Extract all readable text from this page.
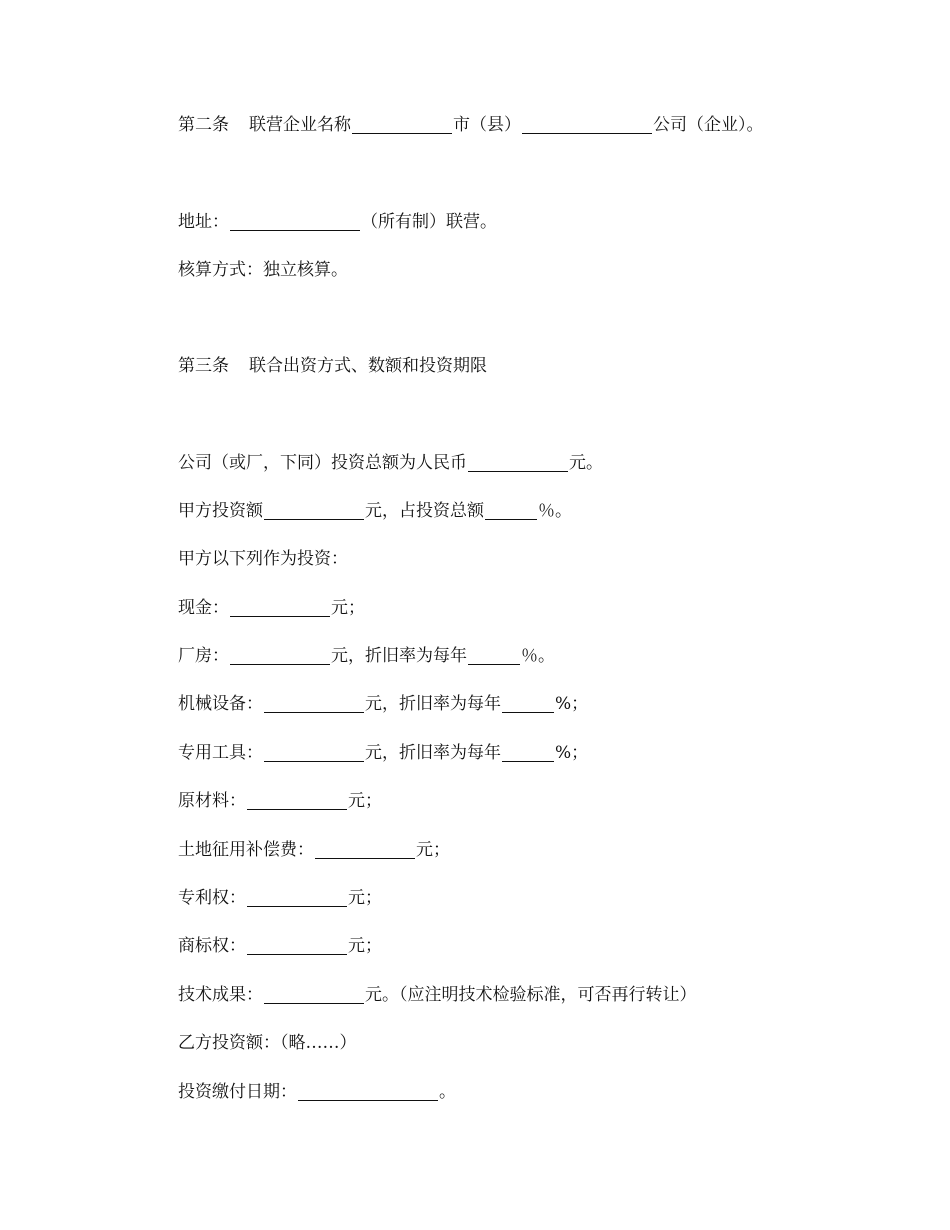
第二条 联营企业名称	市（县）	公司（企业）。
地址：	（所有制）联营。
核算方式：独立核算。
第三条 联合出资方式、数额和投资期限
公司（或厂，下同）投资总额为人民币	元。
甲方投资额	元，占投资总额	％。
甲方以下列作为投资：
现金：	元；
厂房：	元，折旧率为每年	％。
机械设备：	元，折旧率为每年	%；
专用工具：	元，折旧率为每年	%；
原材料：	元；
土地征用补偿费：	元；
专利权：	元；
商标权：	元；
技术成果：	元。（应注明技术检验标准，可否再行转让）
乙方投资额：（略……）
投资缴付日期：	。
